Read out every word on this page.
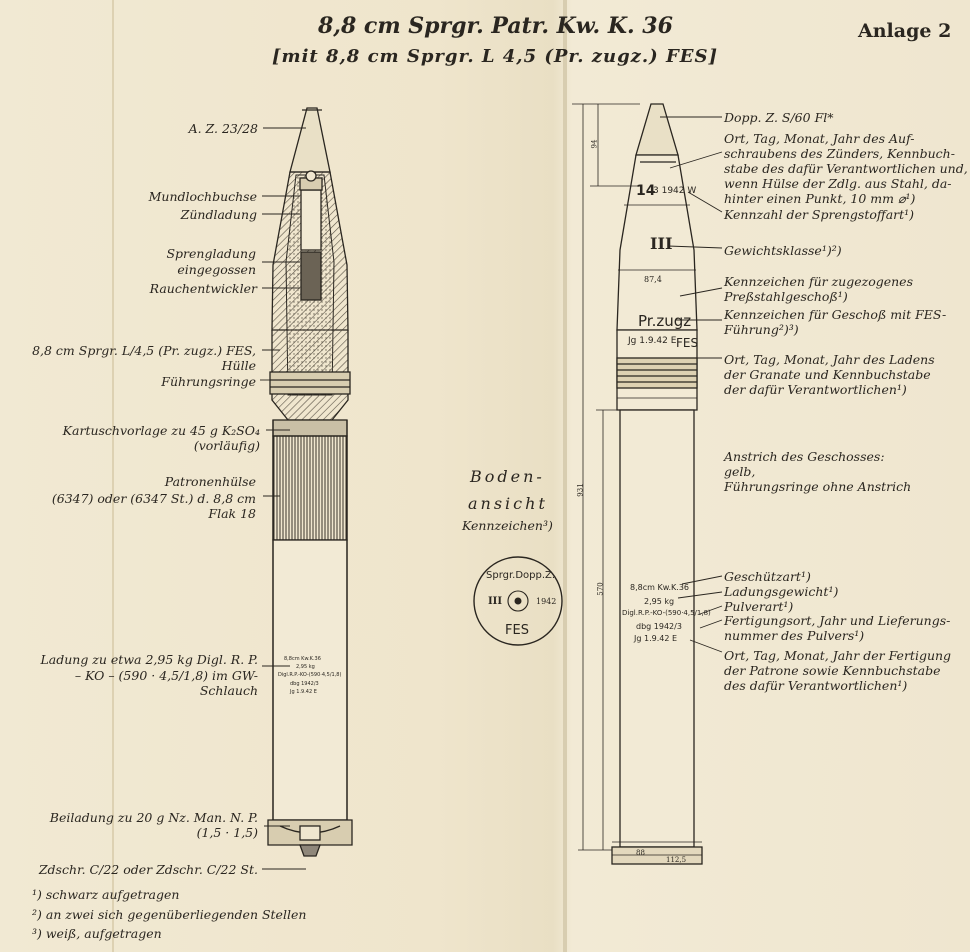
8,8 cm Sprgr. Patr. Kw. K. 36
[mit 8,8 cm Sprgr. L 4,5 (Pr. zugz.) FES]
Anlage 2
A. Z. 23/28
Mundlochbuchse
Zündladung
Sprengladung
eingegossen
Rauchentwickler
8,8 cm Sprgr. L/4,5 (Pr. zugz.) FES,
Hülle
Führungsringe
Kartuschvorlage zu 45 g K₂SO₄
(vorläufig)
Patronenhülse
(6347) oder (6347 St.) d. 8,8 cm
Flak 18
Ladung zu etwa 2,95 kg Digl. R. P.
– KO – (590 · 4,5/1,8) im GW-
Schlauch
Beiladung zu 20 g Nz. Man. N. P.
(1,5 · 1,5)
Zdschr. C/22 oder Zdschr. C/22 St.
¹) schwarz aufgetragen
²) an zwei sich gegenüberliegenden Stellen
³) weiß, aufgetragen
Dopp. Z. S/60 Fl*
Ort, Tag, Monat, Jahr des Auf-
schraubens des Zünders, Kennbuch-
stabe des dafür Verantwortlichen und,
wenn Hülse der Zdlg. aus Stahl, da-
hinter einen Punkt, 10 mm ⌀¹)
Kennzahl der Sprengstoffart¹)
Gewichtsklasse¹)²)
Kennzeichen für zugezogenes
Preßstahlgeschoß¹)
Kennzeichen für Geschoß mit FES-
Führung²)³)
Ort, Tag, Monat, Jahr des Ladens
der Granate und Kennbuchstabe
der dafür Verantwortlichen¹)
Anstrich des Geschosses:
gelb,
Führungsringe ohne Anstrich
Geschützart¹)
Ladungsgewicht¹)
Pulverart¹)
Fertigungsort, Jahr und Lieferungs-
nummer des Pulvers¹)
Ort, Tag, Monat, Jahr der Fertigung
der Patrone sowie Kennbuchstabe
des dafür Verantwortlichen¹)
Boden-
ansicht
Kennzeichen³)
Sprgr.Dopp.Z.
III	1942
FES
14
3 1942 W
III
87,4
Pr.zugz
FES
Jg 1.9.42 E
8,8cm Kw.K.36
2,95 kg
Digl.R.P.-KO-(590·4,5/1,8)
dbg 1942/3
Jg 1.9.42 E
8,8cm Kw.K.36
2,95 kg
Digl.R.P.-KO-(590·4,5/1,8)
dbg 1942/3
Jg 1.9.42 E
94
931
570
88
112,5
